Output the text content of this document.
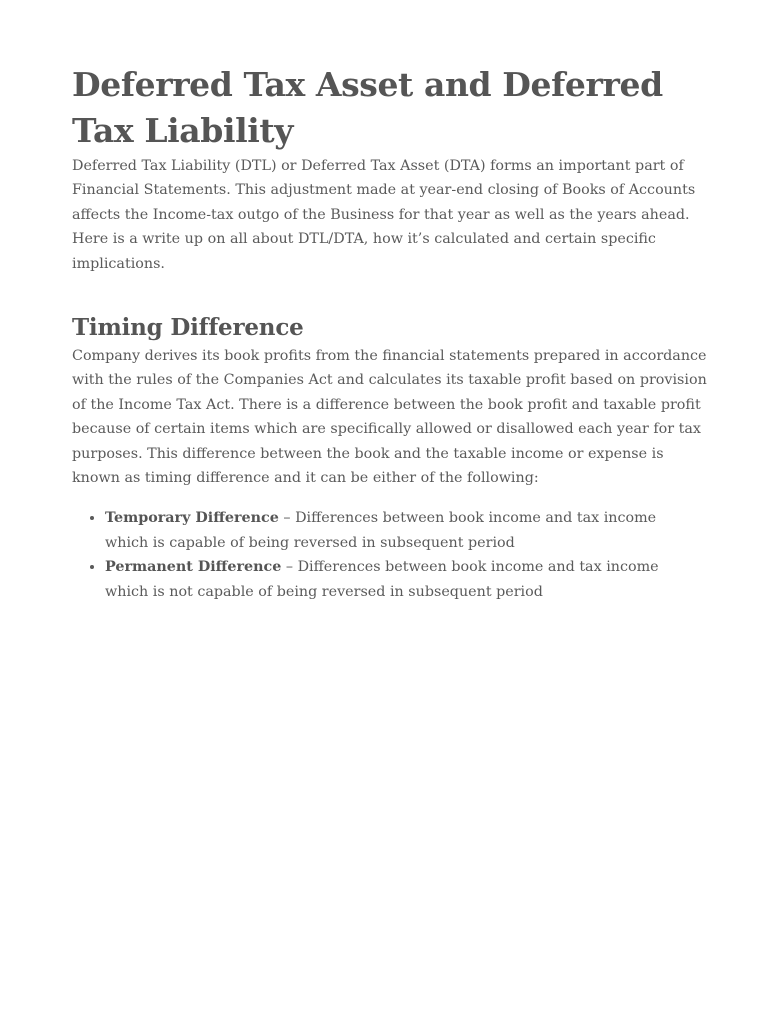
Deferred Tax Asset and Deferred Tax Liability

Deferred Tax Liability (DTL) or Deferred Tax Asset (DTA) forms an important part of Financial Statements. This adjustment made at year-end closing of Books of Accounts affects the Income-tax outgo of the Business for that year as well as the years ahead.

Here is a write up on all about DTL/DTA, how it’s calculated and certain specific implications.

Timing Difference

Company derives its book profits from the financial statements prepared in accordance with the rules of the Companies Act and calculates its taxable profit based on provision of the Income Tax Act. There is a difference between the book profit and taxable profit because of certain items which are specifically allowed or disallowed each year for tax purposes. This difference between the book and the taxable income or expense is known as timing difference and it can be either of the following:

• Temporary Difference – Differences between book income and tax income which is capable of being reversed in subsequent period
• Permanent Difference – Differences between book income and tax income which is not capable of being reversed in subsequent period
